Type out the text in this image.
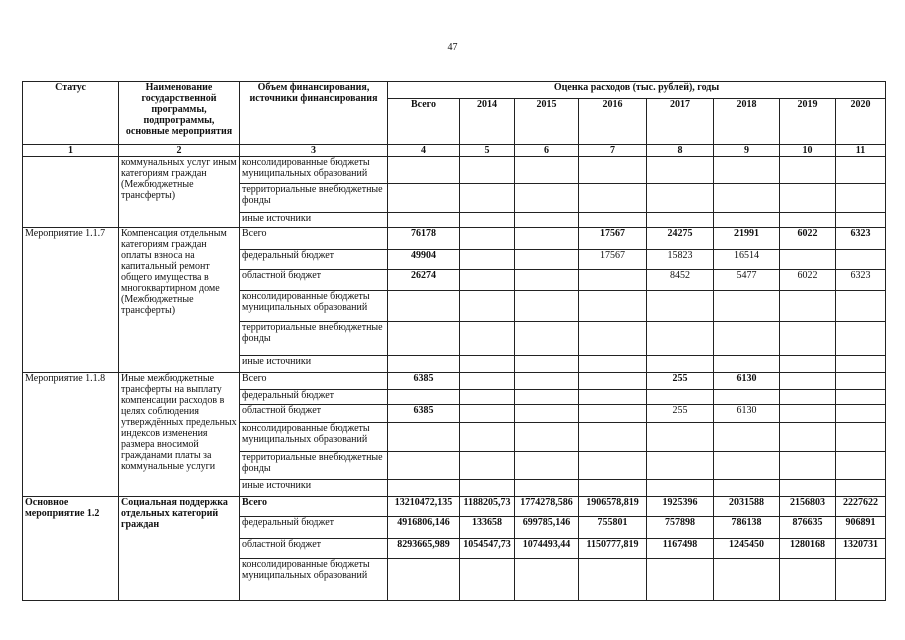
47
Статус	Наименование государственной программы, подпрограммы, основные мероприятия	Объем финансирования, источники финансирования	Оценка расходов (тыс. рублей), годы							
			Всего	2014	2015	2016	2017	2018	2019	2020
1	2	3	4	5	6	7	8	9	10	11
	коммунальных услуг иным категориям граждан (Межбюджетные трансферты)	консолидированные бюджеты муниципальных образований								
		территориальные внебюджетные фонды								
		иные источники								
Мероприятие 1.1.7	Компенсация отдельным категориям граждан оплаты взноса на капитальный ремонт общего имущества в многоквартирном доме (Межбюджетные трансферты)	Всего	76178			17567	24275	21991	6022	6323
		федеральный бюджет	49904			17567	15823	16514		
		областной бюджет	26274				8452	5477	6022	6323
		консолидированные бюджеты муниципальных образований								
		территориальные внебюджетные фонды								
		иные источники								
Мероприятие 1.1.8	Иные межбюджетные трансферты на выплату компенсации расходов в целях соблюдения утверждённых предельных индексов изменения размера вносимой гражданами платы за коммунальные услуги	Всего	6385				255	6130		
		федеральный бюджет								
		областной бюджет	6385				255	6130		
		консолидированные бюджеты муниципальных образований								
		территориальные внебюджетные фонды								
		иные источники								
Основное мероприятие 1.2	Социальная поддержка отдельных категорий граждан	Всего	13210472,135	1188205,73	1774278,586	1906578,819	1925396	2031588	2156803	2227622
		федеральный бюджет	4916806,146	133658	699785,146	755801	757898	786138	876635	906891
		областной бюджет	8293665,989	1054547,73	1074493,44	1150777,819	1167498	1245450	1280168	1320731
		консолидированные бюджеты муниципальных образований								
